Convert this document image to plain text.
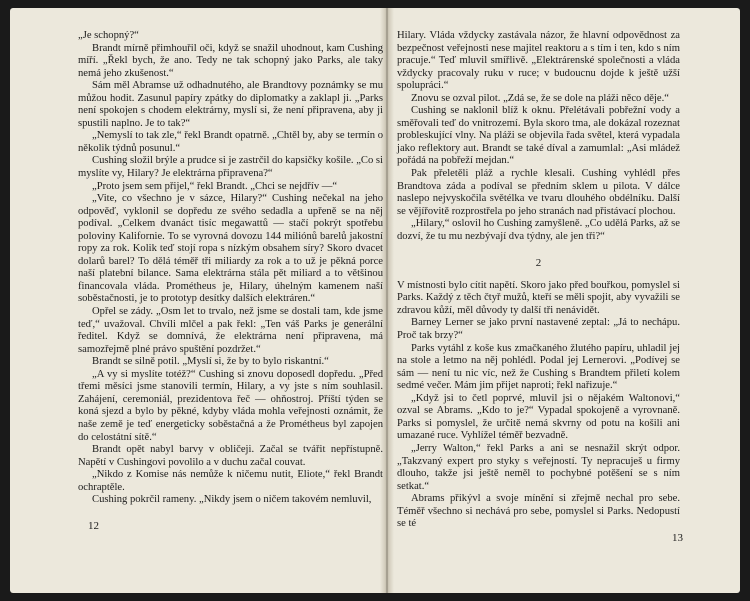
„Je schopný?“

Brandt mírně přimhouřil oči, když se snažil uhodnout, kam Cushing míří. „Řekl bych, že ano. Tedy ne tak schopný jako Parks, ale taky nemá jeho zkušenost.“

Sám měl Abramse už odhadnutého, ale Brandtovy poznámky se mu můžou hodit. Zasunul papíry zpátky do diplomatky a zaklapl ji. „Parks není spokojen s chodem elektrárny, myslí si, že není připravena, aby ji spustili naplno. Je to tak?“

„Nemyslí to tak zle,“ řekl Brandt opatrně. „Chtěl by, aby se termín o několik týdnů posunul.“

Cushing složil brýle a prudce si je zastrčil do kapsičky košile. „Co si myslíte vy, Hilary? Je elektrárna připravena?“

„Proto jsem sem přijel,“ řekl Brandt. „Chci se nejdřív —“

„Vite, co všechno je v sázce, Hilary?“ Cushing nečekal na jeho odpověď, vyklonil se dopředu ze svého sedadla a upřeně se na něj podíval. „Celkem dvanáct tisíc megawattů — stačí pokrýt spotřebu poloviny Kalifornie. To se vyrovná dovozu 144 miliónů barelů jakostní ropy za rok. Kolik teď stojí ropa s nízkým obsahem síry? Skoro dvacet dolarů barel? To dělá téměř tři miliardy za rok a to už je pěkná porce naší platební bilance. Sama elektrárna stála pět miliard a to většinou financovala vláda. Prométheus je, Hilary, úhelným kamenem naší soběstačnosti, je to prototyp desítky dalších elektráren.“

Opřel se zády. „Osm let to trvalo, než jsme se dostali tam, kde jsme teď,“ uvažoval. Chvíli mlčel a pak řekl: „Ten váš Parks je generální ředitel. Když se domnívá, že elektrárna není připravena, má samozřejmě plné právo spuštění pozdržet.“

Brandt se silně potil. „Myslí si, že by to bylo riskantní.“

„A vy si myslíte totéž?“ Cushing si znovu doposedl dopředu. „Před třemi měsíci jsme stanovili termín, Hilary, a vy jste s ním souhlasil. Zahájení, ceremoniál, prezidentova řeč — ohňostroj. Příští týden se koná sjezd a bylo by pěkné, kdyby vláda mohla veřejnosti oznámit, že naše země je teď energeticky soběstačná a že Prométheus byl zapojen do celostátní sítě.“

Brandt opět nabyl barvy v obličeji. Začal se tvářit nepřístupně. Napětí v Cushingovi povolilo a v duchu začal couvat.

„Nikdo z Komise nás nemůže k ničemu nutit, Eliote,“ řekl Brandt ochraptěle.

Cushing pokrčil rameny. „Nikdy jsem o ničem takovém nemluvil,

12

Hilary. Vláda vždycky zastávala názor, že hlavní odpovědnost za bezpečnost veřejnosti nese majitel reaktoru a s tím i ten, kdo s ním pracuje.“ Teď mluvil smířlivě. „Elektrárenské společnosti a vláda vždycky pracovaly ruku v ruce; v budoucnu dojde k ještě užší spolupráci.“

Znovu se ozval pilot. „Zdá se, že se dole na pláži něco děje.“

Cushing se naklonil blíž k oknu. Přelétávali pobřežní vody a směřovali teď do vnitrozemí. Byla skoro tma, ale dokázal rozeznat probleskující vlny. Na pláži se objevila řada světel, která vypadala jako reflektory aut. Brandt se také díval a zamumlal: „Asi mládež pořádá na pobřeží mejdan.“

Pak přeletěli pláž a rychle klesali. Cushing vyhlédl přes Brandtova záda a podíval se předním sklem u pilota. V dálce naslepo nejvyskočila světélka ve tvaru dlouhého obdélníku. Další se vějířovitě rozprostřela po jeho stranách nad přistávací plochou.

„Hilary,“ oslovil ho Cushing zamyšleně. „Co udělá Parks, až se dozví, že tu mu nezbývají dva týdny, ale jen tři?“

2

V místnosti bylo cítit napětí. Skoro jako před bouřkou, pomyslel si Parks. Každý z těch čtyř mužů, kteří se měli spojit, aby vyvažili se zdravou kůží, měl důvody ty další tři nenávidět.

Barney Lerner se jako první nastavené zeptal: „Já to nechápu. Proč tak brzy?“

Parks vytáhl z koše kus zmačkaného žlutého papíru, uhladil jej na stole a letmo na něj pohlédl. Podal jej Lernerovi. „Podívej se sám — není tu nic víc, než že Cushing s Brandtem přiletí kolem sedmé večer. Mám jim přijet naproti; řekl nařizuje.“

„Když jsi to četl poprvé, mluvil jsi o nějakém Waltonovi,“ ozval se Abrams. „Kdo to je?“ Vypadal spokojeně a vyrovnaně. Parks si pomyslel, že určitě nemá skvrny od potu na košili ani umazané ruce. Vyhlížel téměř bezvadně.

„Jerry Walton,“ řekl Parks a ani se nesnažil skrýt odpor. „Takzvaný expert pro styky s veřejností. Ty nepracuješ u firmy dlouho, takže jsi ještě neměl to pochybné potěšení se s ním setkat.“

Abrams přikývl a svoje mínění si zřejmě nechal pro sebe. Téměř všechno si nechává pro sebe, pomyslel si Parks. Nedopustí se té

13
